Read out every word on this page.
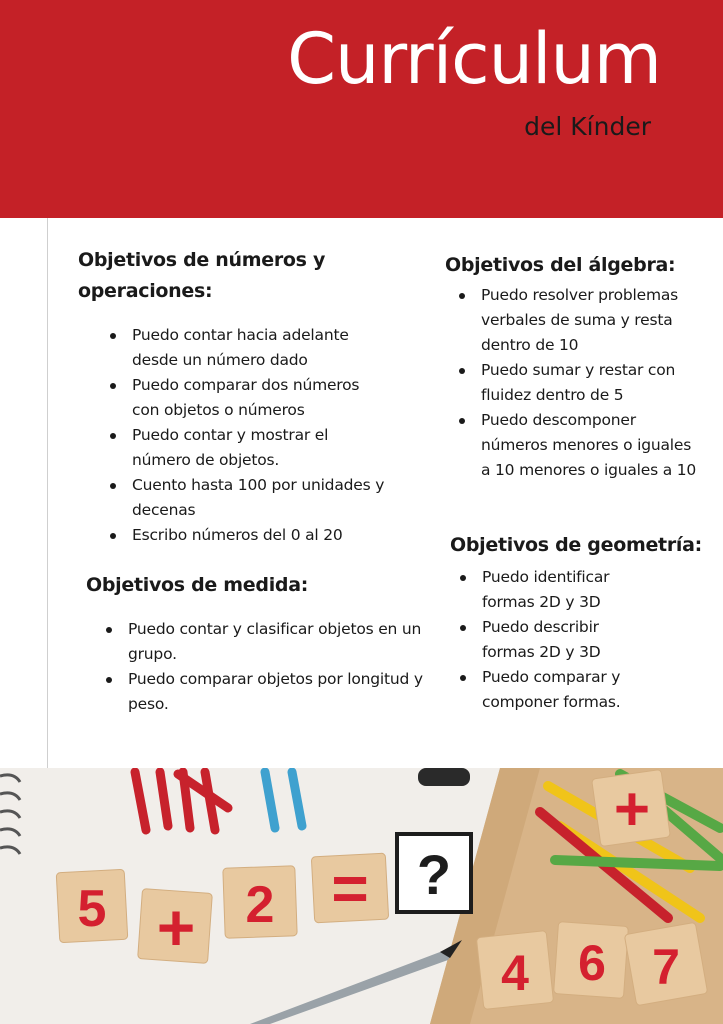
Currículum
del Kínder
Objetivos de números y operaciones:
Puedo contar hacia adelante desde un número dado
Puedo comparar dos números con objetos o números
Puedo contar y mostrar el número de objetos.
Cuento hasta 100 por unidades y decenas
Escribo números del 0 al 20
Objetivos de medida:
Puedo contar y clasificar objetos en un grupo.
Puedo comparar objetos por longitud y peso.
Objetivos del álgebra:
Puedo resolver problemas verbales de suma y resta dentro de 10
Puedo sumar y restar con fluidez dentro de 5
Puedo descomponer números menores o iguales a 10 menores o iguales a 10
Objetivos de geometría:
Puedo identificar formas 2D y 3D
Puedo describir formas 2D y 3D
Puedo comparar y componer formas.
?
5 + 2 =
+
4 6 7
